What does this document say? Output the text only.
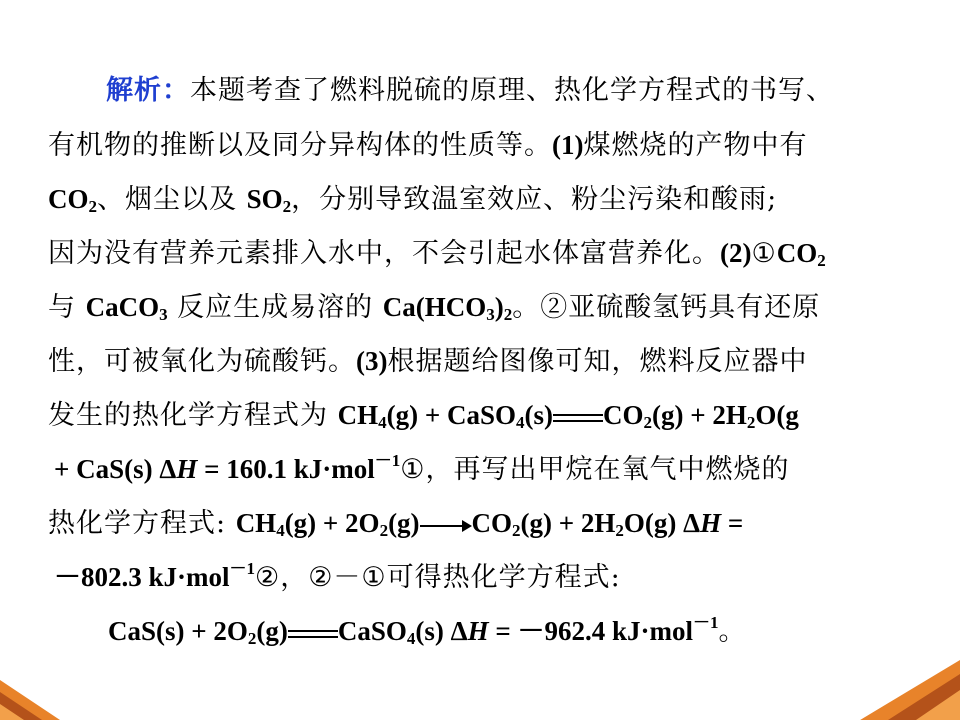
解析：本题考查了燃料脱硫的原理、热化学方程式的书写、
有机物的推断以及同分异构体的性质等。(1)煤燃烧的产物中有
$CO_2$、烟尘以及 $SO_2$，分别导致温室效应、粉尘污染和酸雨;
因为没有营养元素排入水中，不会引起水体富营养化。$(2)①CO_2$
与 CaCO$_3$ 反应生成易溶的 $Ca(HCO_3)_2$。②亚硫酸氢钙具有还原
性，可被氧化为硫酸钙。(3)根据题给图像可知，燃料反应器中
发生的热化学方程式为 $CH_4(g)$ + CaSO$_4$(s) $CO_2(g) + 2H_2O(g$
+ CaS(s) ΔH = 160.1 kJ·mol$^{-1}$①，再写出甲烷在氧气中燃烧的
热化学方程式: $CH_4(g) + 2O_2(g) CO_2(g) + 2H_2O(g) \Delta H$ =
－802.3 kJ·mol$^{-1}$②，②－①可得热化学方程式:
$CaS(s) + 2O_2(g)$ CaSO$_4$(s) ΔH = －962.4 kJ·mol$^{-1}$。
